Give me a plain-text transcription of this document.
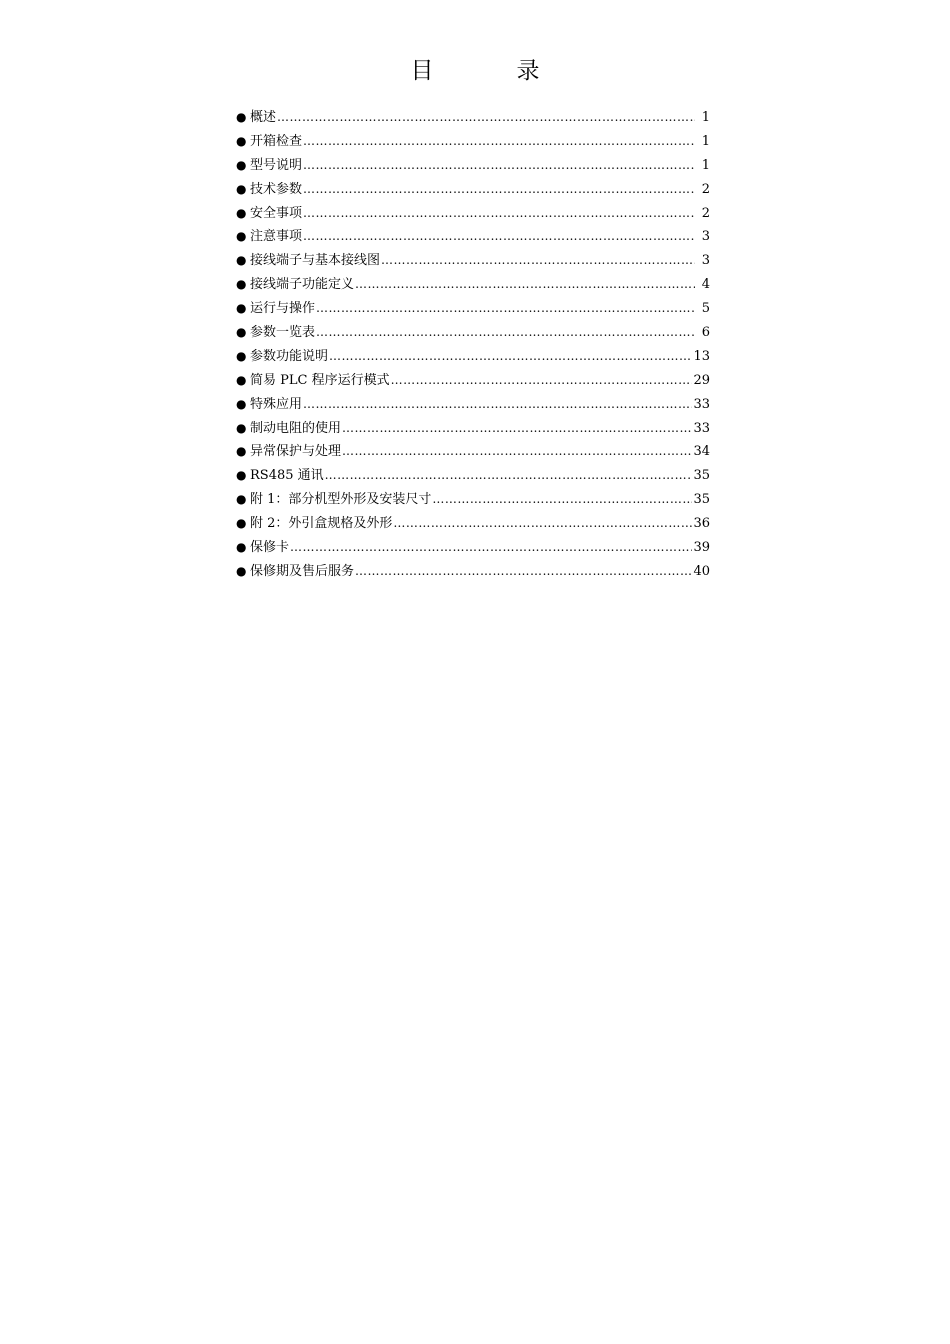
目　录
● 概述 …………………………………………………………………………………………………………………………………………………	1
● 开箱检查 …………………………………………………………………………………………………………………………………………………	1
● 型号说明 …………………………………………………………………………………………………………………………………………………	1
● 技术参数 …………………………………………………………………………………………………………………………………………………	2
● 安全事项 …………………………………………………………………………………………………………………………………………………	2
● 注意事项 …………………………………………………………………………………………………………………………………………………	3
● 接线端子与基本接线图 …………………………………………………………………………………………………………………………………………………	3
● 接线端子功能定义 …………………………………………………………………………………………………………………………………………………	4
● 运行与操作 …………………………………………………………………………………………………………………………………………………	5
● 参数一览表 …………………………………………………………………………………………………………………………………………………	6
● 参数功能说明 …………………………………………………………………………………………………………………………………………………	13
● 简易 PLC 程序运行模式 …………………………………………………………………………………………………………………………………………………	29
● 特殊应用 …………………………………………………………………………………………………………………………………………………	33
● 制动电阻的使用 …………………………………………………………………………………………………………………………………………………	33
● 异常保护与处理 …………………………………………………………………………………………………………………………………………………	34
● RS485 通讯 …………………………………………………………………………………………………………………………………………………	35
● 附 1：部分机型外形及安装尺寸 …………………………………………………………………………………………………………………………………………………	35
● 附 2：外引盒规格及外形 …………………………………………………………………………………………………………………………………………………	36
● 保修卡 …………………………………………………………………………………………………………………………………………………	39
● 保修期及售后服务 …………………………………………………………………………………………………………………………………………………	40
